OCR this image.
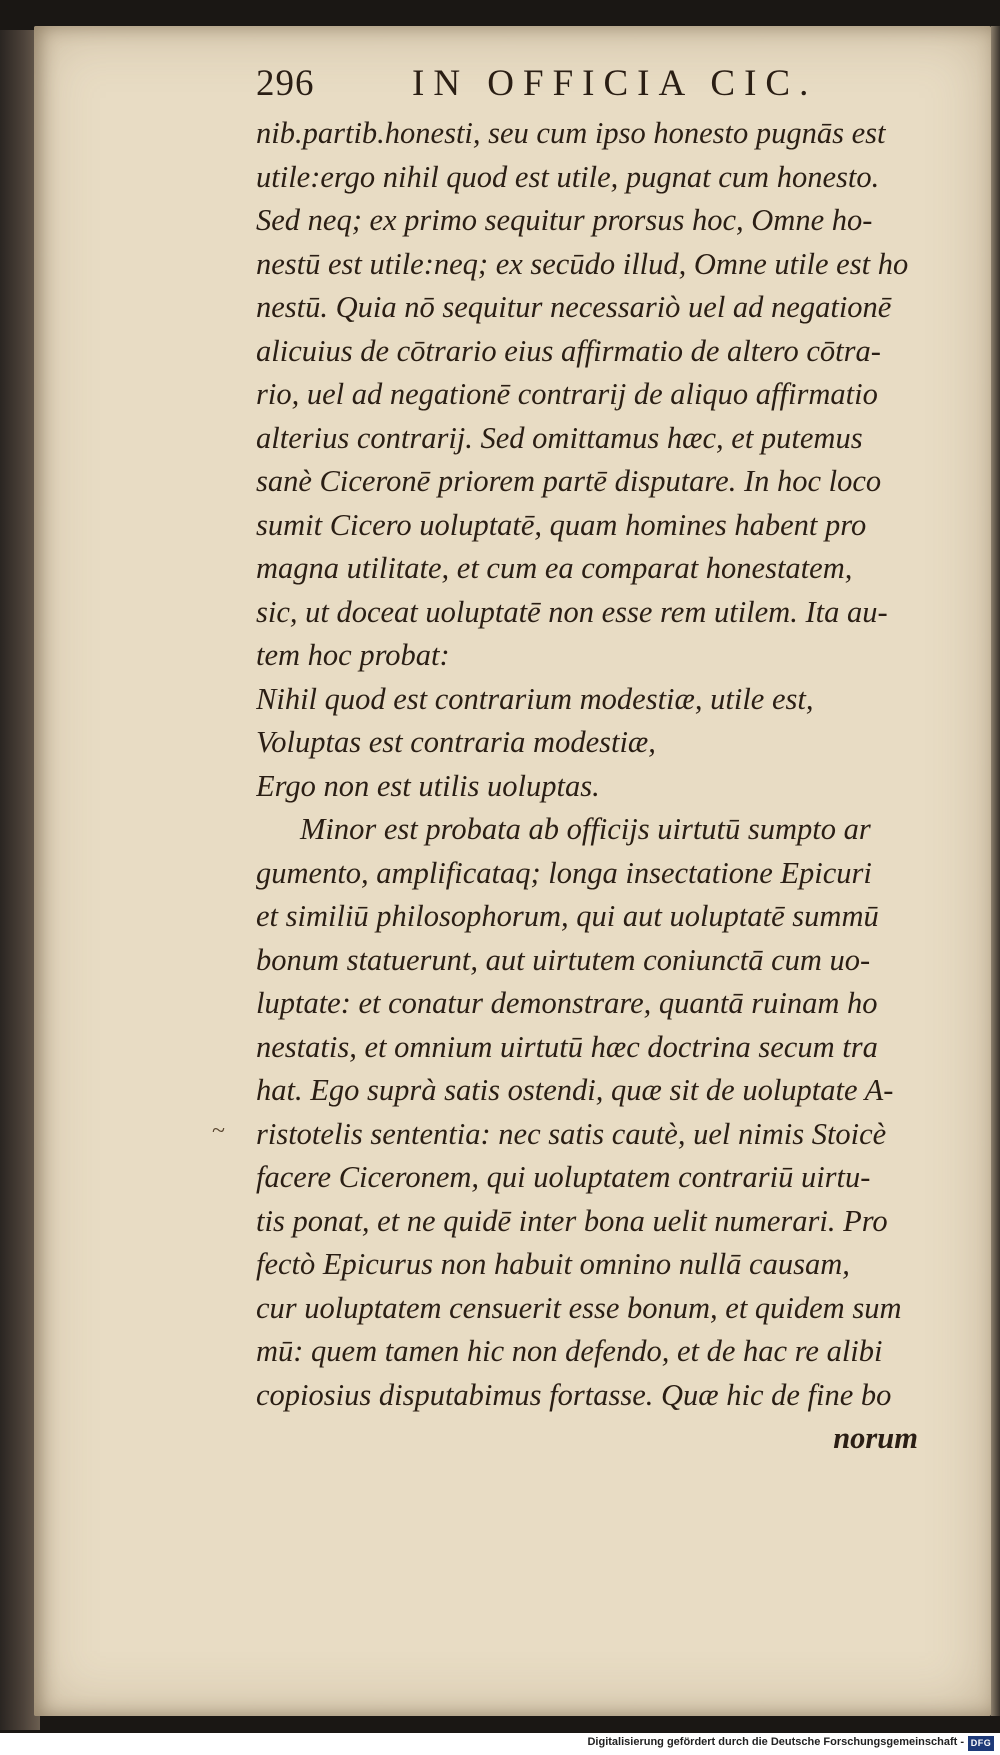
296	IN OFFICIA CIC.
nib.partib.honesti, seu cum ipso honesto pugnās est
utile:ergo nihil quod est utile, pugnat cum honesto.
Sed neq; ex primo sequitur prorsus hoc, Omne ho-
nestū est utile:neq; ex secūdo illud, Omne utile est ho
nestū. Quia nō sequitur necessariò uel ad negationē
alicuius de cōtrario eius affirmatio de altero cōtra-
rio, uel ad negationē contrarij de aliquo affirmatio
alterius contrarij. Sed omittamus hæc, et putemus
sanè Ciceronē priorem partē disputare. In hoc loco
sumit Cicero uoluptatē, quam homines habent pro
magna utilitate, et cum ea comparat honestatem,
sic, ut doceat uoluptatē non esse rem utilem. Ita au-
tem hoc probat:
Nihil quod est contrarium modestiæ, utile est,
Voluptas est contraria modestiæ,
Ergo non est utilis uoluptas.
Minor est probata ab officijs uirtutū sumpto ar
gumento, amplificataq; longa insectatione Epicuri
et similiū philosophorum, qui aut uoluptatē summū
bonum statuerunt, aut uirtutem coniunctā cum uo-
luptate: et conatur demonstrare, quantā ruinam ho
nestatis, et omnium uirtutū hæc doctrina secum tra
hat. Ego suprà satis ostendi, quæ sit de uoluptate A-
ristotelis sententia: nec satis cautè, uel nimis Stoicè
facere Ciceronem, qui uoluptatem contrariū uirtu-
tis ponat, et ne quidē inter bona uelit numerari. Pro
fectò Epicurus non habuit omnino nullā causam,
cur uoluptatem censuerit esse bonum, et quidem sum
mū: quem tamen hic non defendo, et de hac re alibi
copiosius disputabimus fortasse. Quæ hic de fine bo
norum
~
Digitalisierung gefördert durch die Deutsche Forschungsgemeinschaft - DFG
